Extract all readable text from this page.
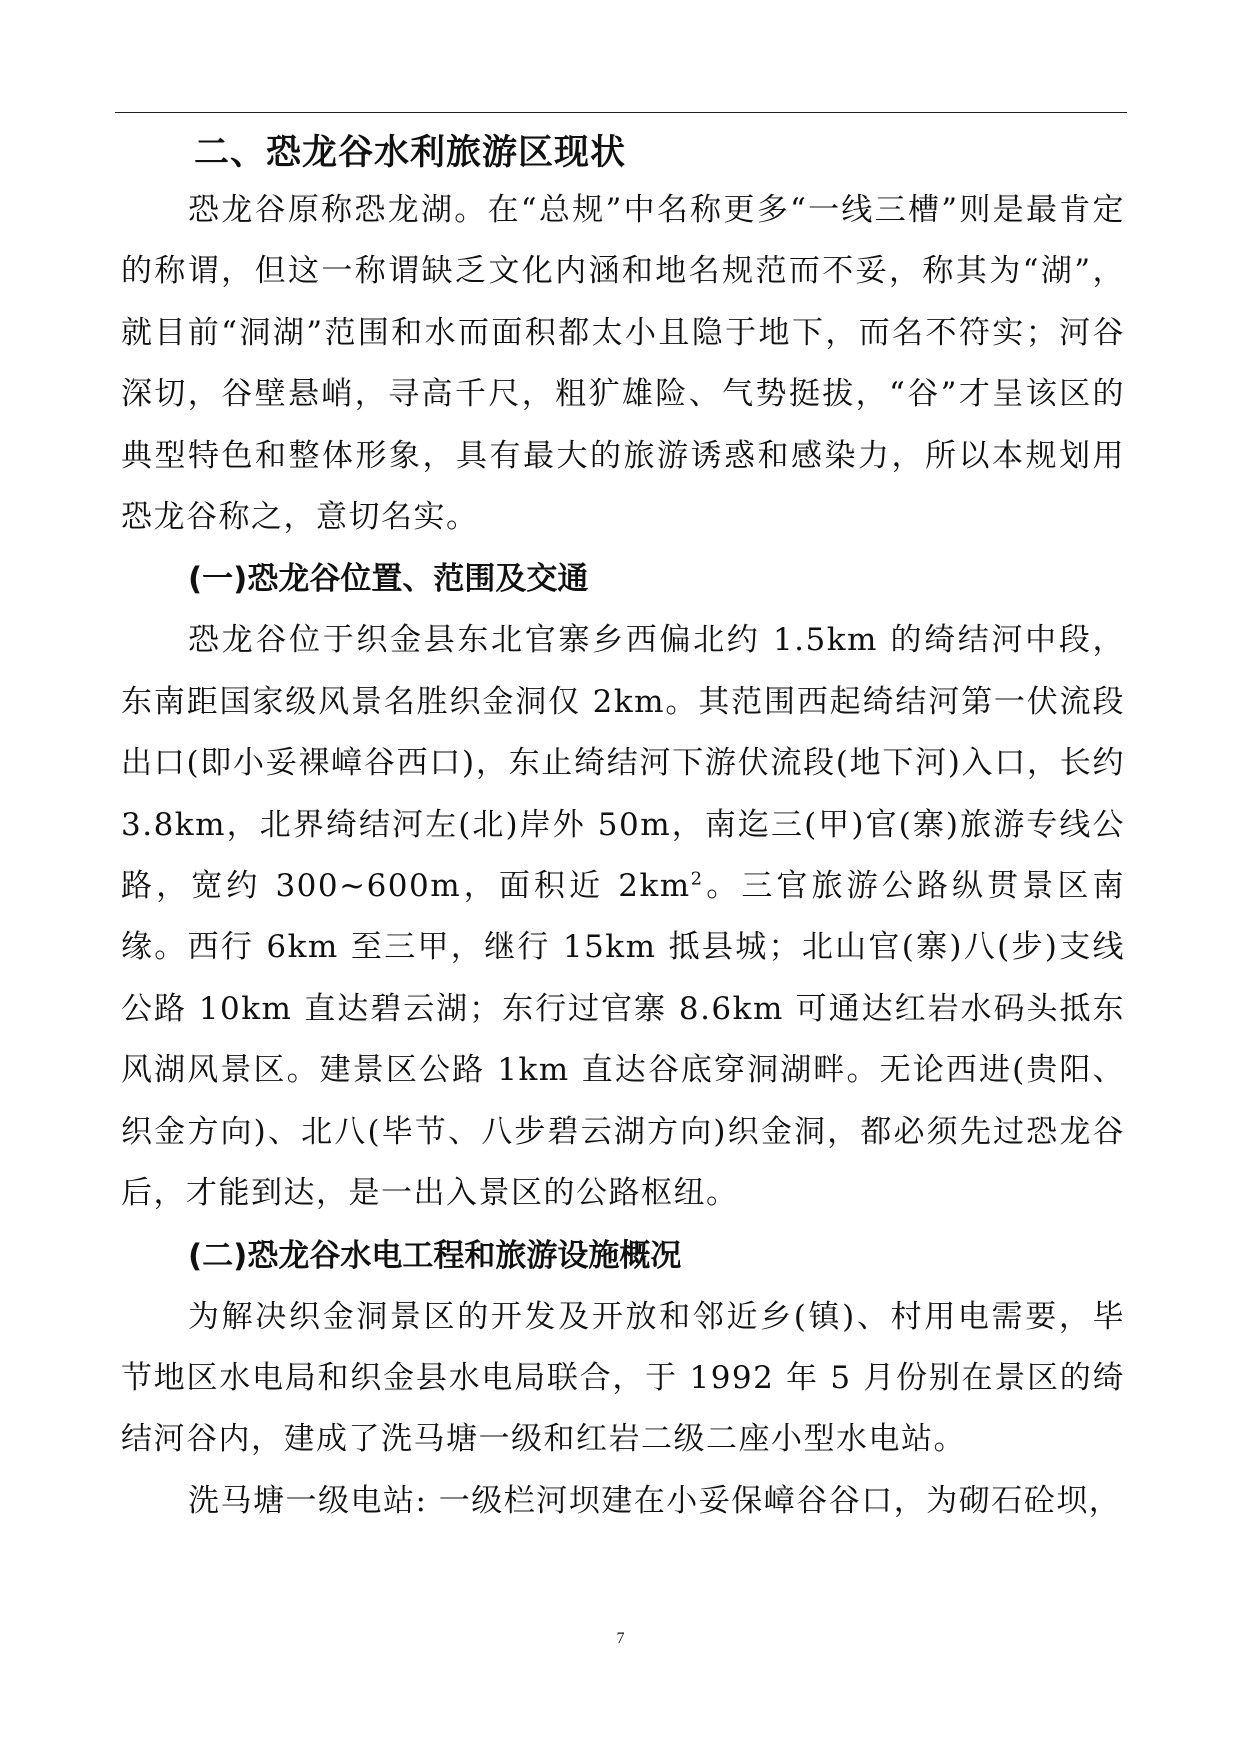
二、恐龙谷水利旅游区现状

恐龙谷原称恐龙湖。在“总规”中名称更多“一线三槽”则是最肯定的称谓，但这一称谓缺乏文化内涵和地名规范而不妥，称其为“湖”，就目前“洞湖”范围和水而面积都太小且隐于地下，而名不符实；河谷深切，谷壁悬峭，寻高千尺，粗犷雄险、气势挺拔，“谷”才呈该区的典型特色和整体形象，具有最大的旅游诱惑和感染力，所以本规划用恐龙谷称之，意切名实。

(一)恐龙谷位置、范围及交通

恐龙谷位于织金县东北官寨乡西偏北约 1.5km 的绮结河中段，东南距国家级风景名胜织金洞仅 2km。其范围西起绮结河第一伏流段出口(即小妥裸嶂谷西口)，东止绮结河下游伏流段(地下河)入口，长约 3.8km，北界绮结河左(北)岸外 50m，南迄三(甲)官(寨)旅游专线公路，宽约 300~600m，面积近 $2km^2$。三官旅游公路纵贯景区南缘。西行 6km 至三甲，继行 15km 抵县城；北山官(寨)八(步)支线公路 10km 直达碧云湖；东行过官寨 8.6km 可通达红岩水码头抵东风湖风景区。建景区公路 1km 直达谷底穿洞湖畔。无论西进(贵阳、织金方向)、北八(毕节、八步碧云湖方向)织金洞，都必须先过恐龙谷后，才能到达，是一出入景区的公路枢纽。

(二)恐龙谷水电工程和旅游设施概况

为解决织金洞景区的开发及开放和邻近乡(镇)、村用电需要，毕节地区水电局和织金县水电局联合，于 1992 年 5 月份别在景区的绮结河谷内，建成了洗马塘一级和红岩二级二座小型水电站。

洗马塘一级电站: 一级栏河坝建在小妥保嶂谷谷口，为砌石砼坝，

7
